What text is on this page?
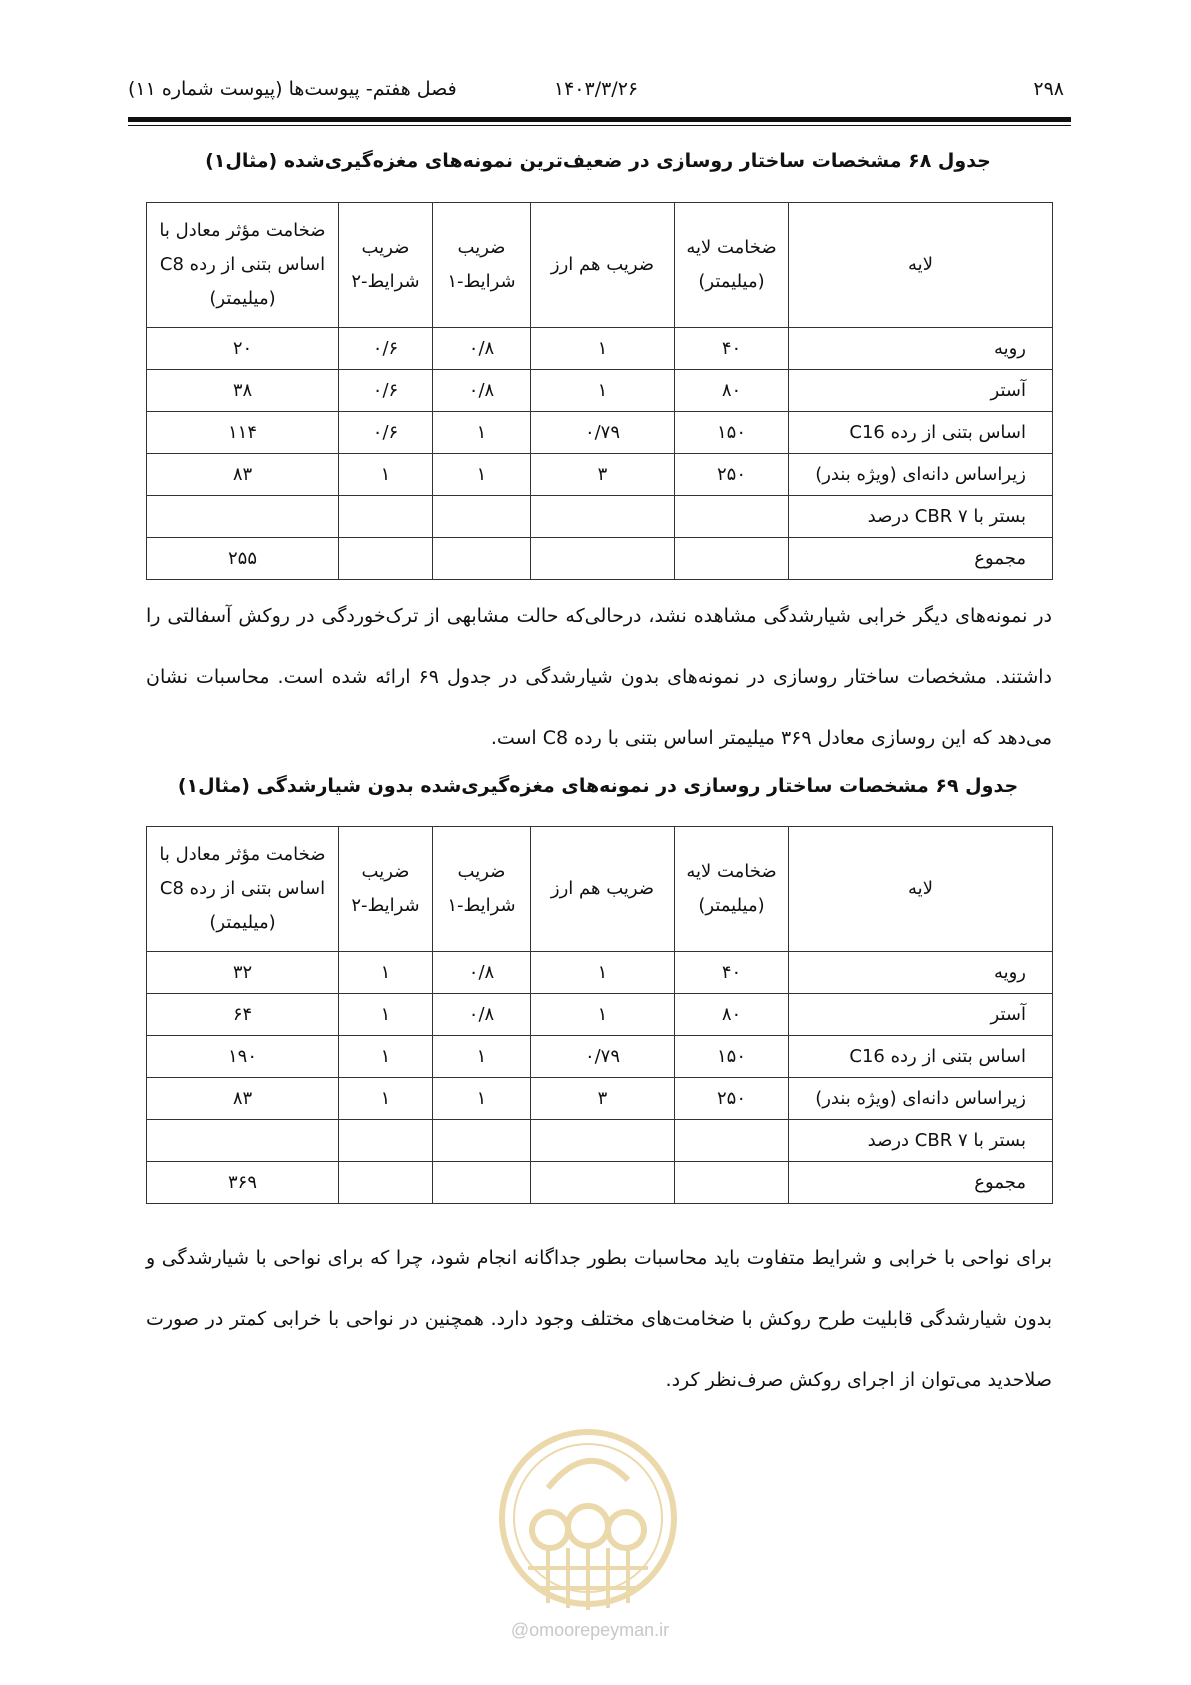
۲۹۸
۱۴۰۳/۳/۲۶
فصل هفتم- پیوست‌ها (پیوست شماره ۱۱)
جدول ۶۸ مشخصات ساختار روسازی در ضعیف‌ترین نمونه‌های مغزه‌گیری‌شده (مثال۱)
لایه	ضخامت لایه (میلیمتر)	ضریب هم ارز	ضریب شرایط-۱	ضریب شرایط-۲	ضخامت مؤثر معادل با اساس بتنی از رده C8 (میلیمتر)
رویه	۴۰	۱	۰/۸	۰/۶	۲۰
آستر	۸۰	۱	۰/۸	۰/۶	۳۸
اساس بتنی از رده C16	۱۵۰	۰/۷۹	۱	۰/۶	۱۱۴
زیراساس دانه‌ای (ویژه بندر)	۲۵۰	۳	۱	۱	۸۳
بستر با CBR ۷ درصد					
مجموع					۲۵۵
در نمونه‌های دیگر خرابی شیارشدگی مشاهده نشد، درحالی‌که حالت مشابهی از ترک‌خوردگی در روکش آسفالتی را داشتند. مشخصات ساختار روسازی در نمونه‌های بدون شیارشدگی در جدول ۶۹ ارائه شده است. محاسبات نشان می‌دهد که این روسازی معادل ۳۶۹ میلیمتر اساس بتنی با رده C8 است.
جدول ۶۹ مشخصات ساختار روسازی در نمونه‌های مغزه‌گیری‌شده بدون شیارشدگی (مثال۱)
لایه	ضخامت لایه (میلیمتر)	ضریب هم ارز	ضریب شرایط-۱	ضریب شرایط-۲	ضخامت مؤثر معادل با اساس بتنی از رده C8 (میلیمتر)
رویه	۴۰	۱	۰/۸	۱	۳۲
آستر	۸۰	۱	۰/۸	۱	۶۴
اساس بتنی از رده C16	۱۵۰	۰/۷۹	۱	۱	۱۹۰
زیراساس دانه‌ای (ویژه بندر)	۲۵۰	۳	۱	۱	۸۳
بستر با CBR ۷ درصد					
مجموع					۳۶۹
برای نواحی با خرابی و شرایط متفاوت باید محاسبات بطور جداگانه انجام شود، چرا که برای نواحی با شیارشدگی و بدون شیارشدگی قابلیت طرح روکش با ضخامت‌های مختلف وجود دارد. همچنین در نواحی با خرابی کمتر در صورت صلاحدید می‌توان از اجرای روکش صرف‌نظر کرد.
@omoorepeyman.ir
